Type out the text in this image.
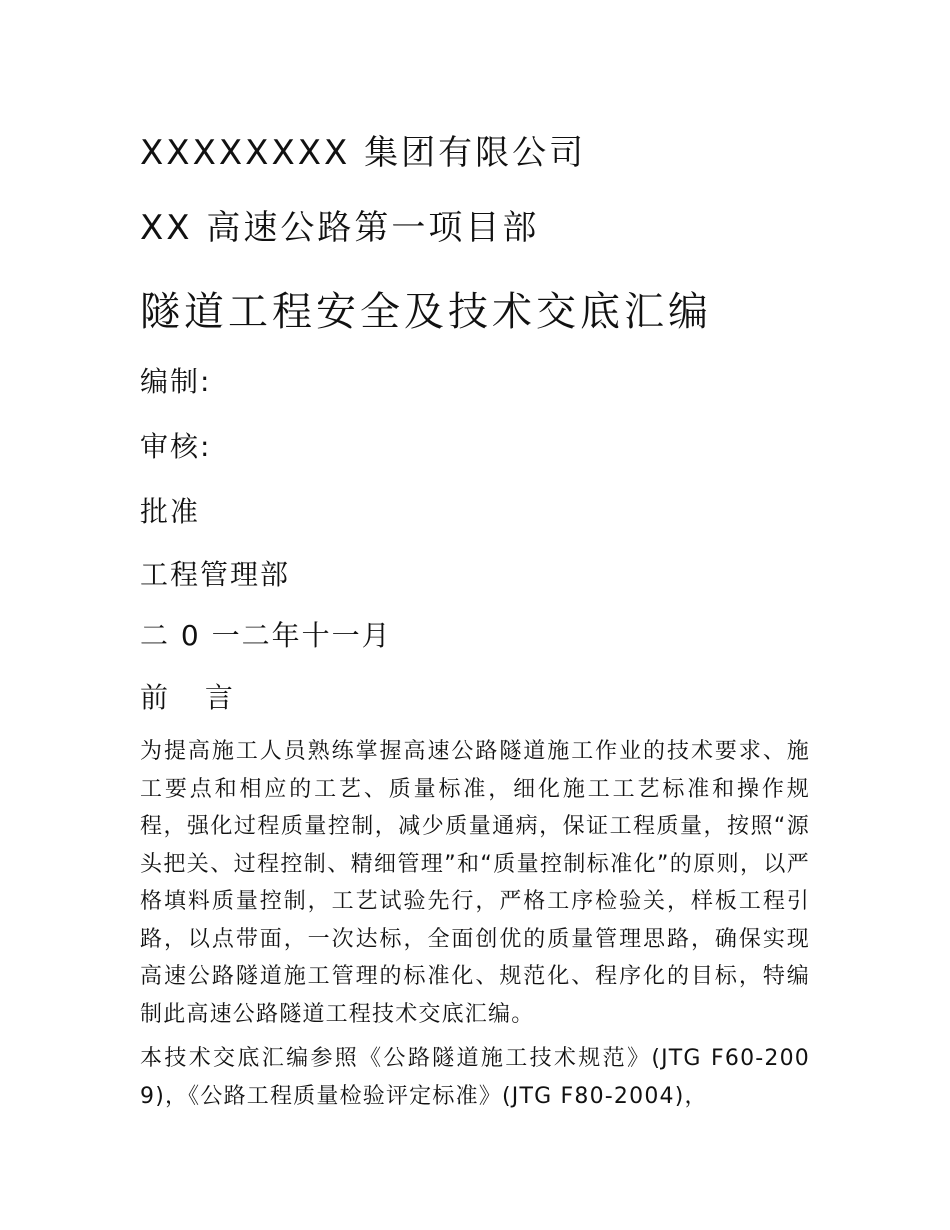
XXXXXXXX 集团有限公司
XX 高速公路第一项目部
隧道工程安全及技术交底汇编
编制:
审核:
批准
工程管理部
二 0 一二年十一月
前 言

为提高施工人员熟练掌握高速公路隧道施工作业的技术要求、施工要点和相应的工艺、质量标准，细化施工工艺标准和操作规程，强化过程质量控制，减少质量通病，保证工程质量，按照“源头把关、过程控制、精细管理”和“质量控制标准化”的原则，以严格填料质量控制，工艺试验先行，严格工序检验关，样板工程引路，以点带面，一次达标，全面创优的质量管理思路，确保实现高速公路隧道施工管理的标准化、规范化、程序化的目标，特编制此高速公路隧道工程技术交底汇编。

本技术交底汇编参照《公路隧道施工技术规范》(JTG F60-2009)，《公路工程质量检验评定标准》(JTG F80-2004)，
